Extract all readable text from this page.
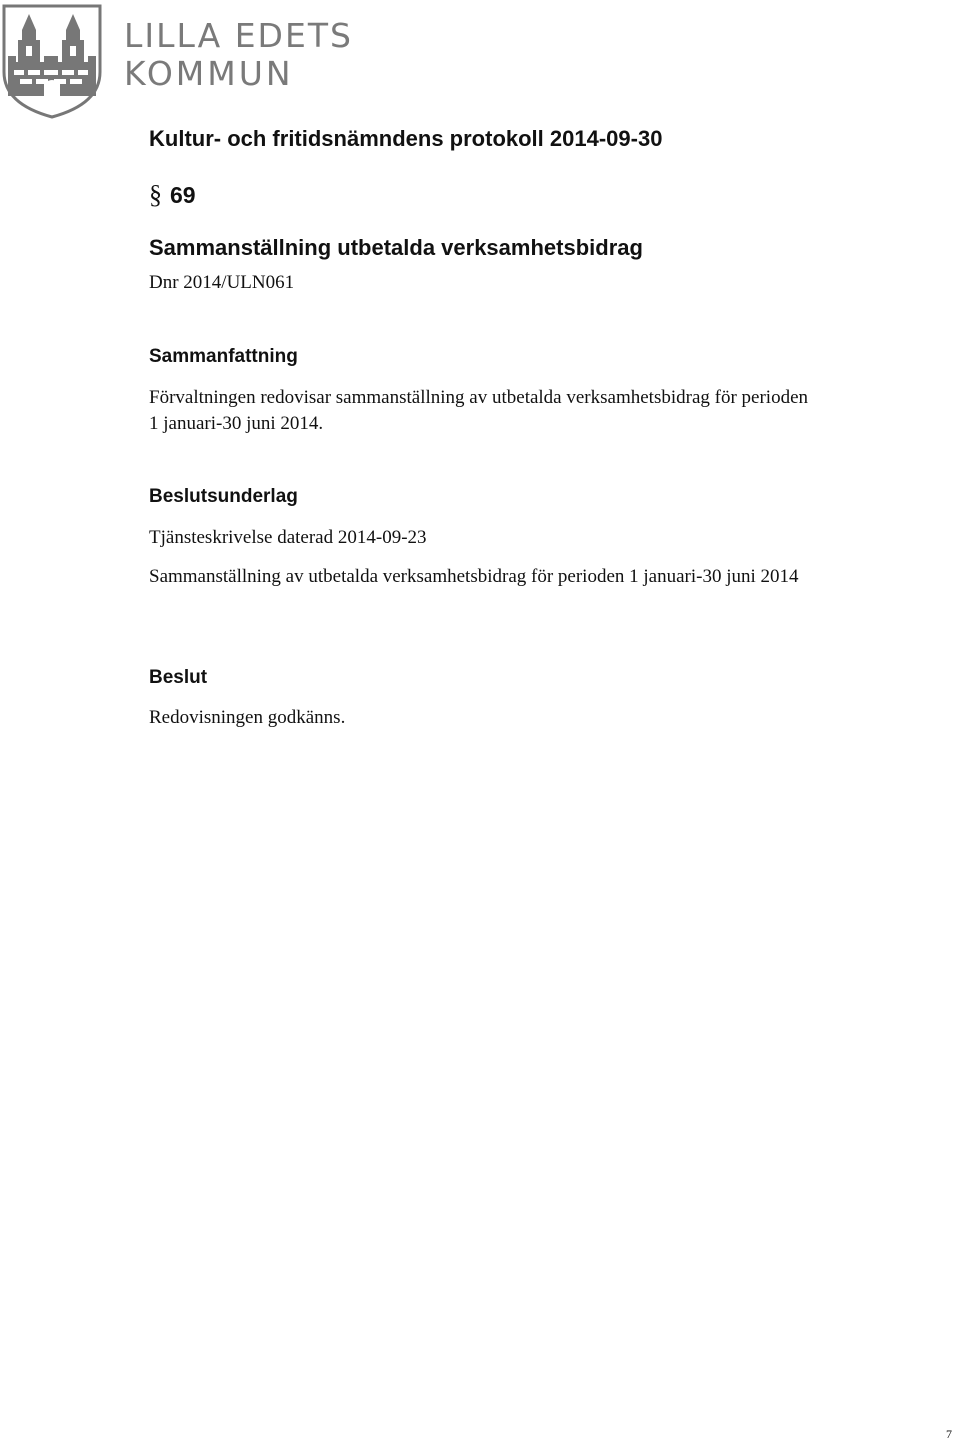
LILLA EDETS
KOMMUN
Kultur- och fritidsnämndens protokoll 2014-09-30
§ 69
Sammanställning utbetalda verksamhetsbidrag
Dnr 2014/ULN061
Sammanfattning
Förvaltningen redovisar sammanställning av utbetalda verksamhetsbidrag för perioden
1 januari-30 juni 2014.
Beslutsunderlag
Tjänsteskrivelse daterad 2014-09-23
Sammanställning av utbetalda verksamhetsbidrag för perioden 1 januari-30 juni 2014
Beslut
Redovisningen godkänns.
7
